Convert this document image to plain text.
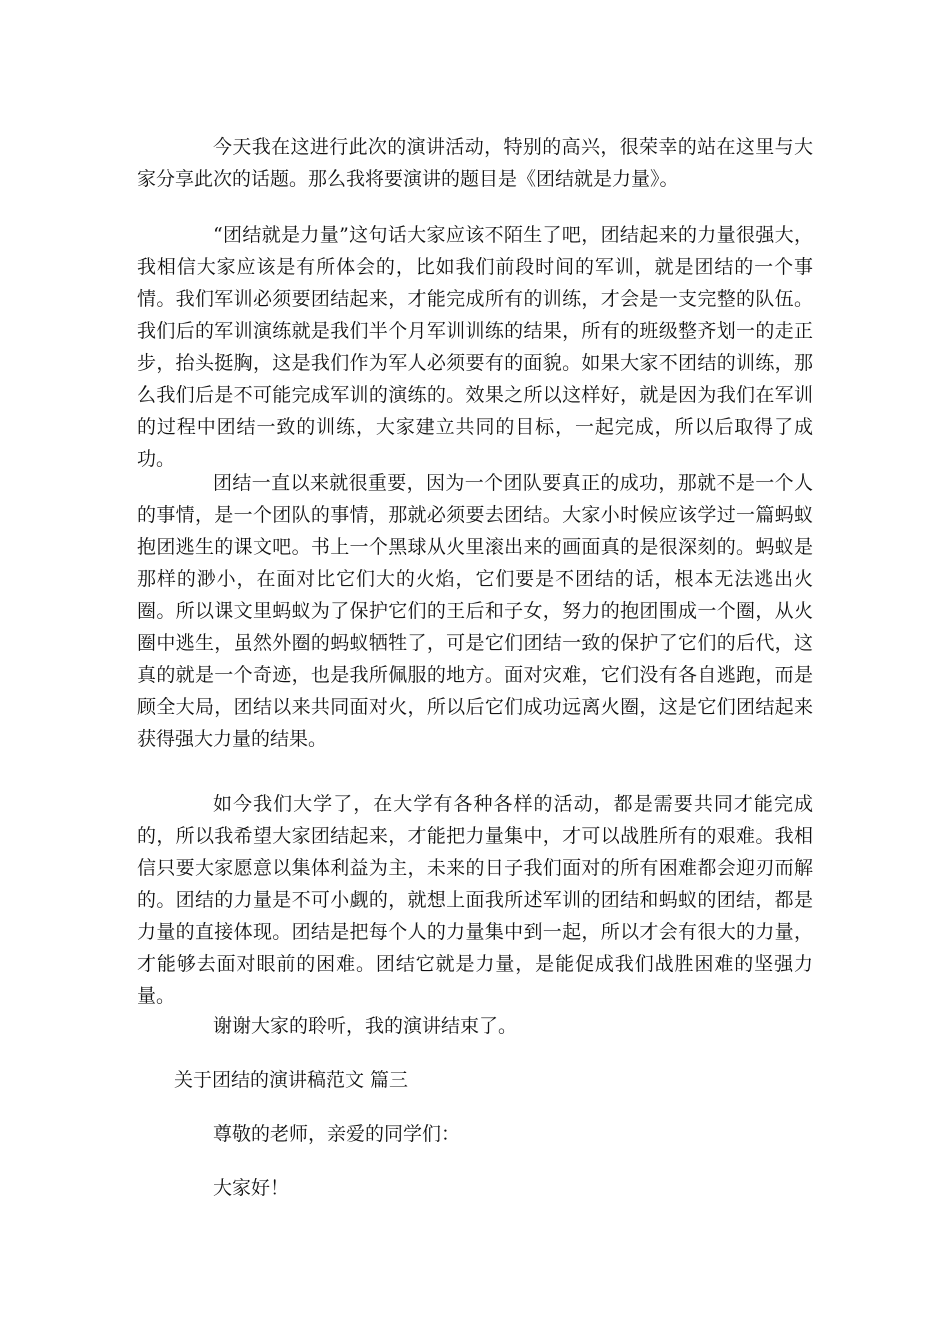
今天我在这进行此次的演讲活动，特别的高兴，很荣幸的站在这里与大家分享此次的话题。那么我将要演讲的题目是《团结就是力量》。

“团结就是力量”这句话大家应该不陌生了吧，团结起来的力量很强大，我相信大家应该是有所体会的，比如我们前段时间的军训，就是团结的一个事情。我们军训必须要团结起来，才能完成所有的训练，才会是一支完整的队伍。我们后的军训演练就是我们半个月军训训练的结果，所有的班级整齐划一的走正步，抬头挺胸，这是我们作为军人必须要有的面貌。如果大家不团结的训练，那么我们后是不可能完成军训的演练的。效果之所以这样好，就是因为我们在军训的过程中团结一致的训练，大家建立共同的目标，一起完成，所以后取得了成功。

团结一直以来就很重要，因为一个团队要真正的成功，那就不是一个人的事情，是一个团队的事情，那就必须要去团结。大家小时候应该学过一篇蚂蚁抱团逃生的课文吧。书上一个黑球从火里滚出来的画面真的是很深刻的。蚂蚁是那样的渺小，在面对比它们大的火焰，它们要是不团结的话，根本无法逃出火圈。所以课文里蚂蚁为了保护它们的王后和子女，努力的抱团围成一个圈，从火圈中逃生，虽然外圈的蚂蚁牺牲了，可是它们团结一致的保护了它们的后代，这真的就是一个奇迹，也是我所佩服的地方。面对灾难，它们没有各自逃跑，而是顾全大局，团结以来共同面对火，所以后它们成功远离火圈，这是它们团结起来获得强大力量的结果。

如今我们大学了，在大学有各种各样的活动，都是需要共同才能完成的，所以我希望大家团结起来，才能把力量集中，才可以战胜所有的艰难。我相信只要大家愿意以集体利益为主，未来的日子我们面对的所有困难都会迎刃而解的。团结的力量是不可小觑的，就想上面我所述军训的团结和蚂蚁的团结，都是力量的直接体现。团结是把每个人的力量集中到一起，所以才会有很大的力量，才能够去面对眼前的困难。团结它就是力量，是能促成我们战胜困难的坚强力量。

谢谢大家的聆听，我的演讲结束了。
关于团结的演讲稿范文 篇三
尊敬的老师，亲爱的同学们：
大家好！
